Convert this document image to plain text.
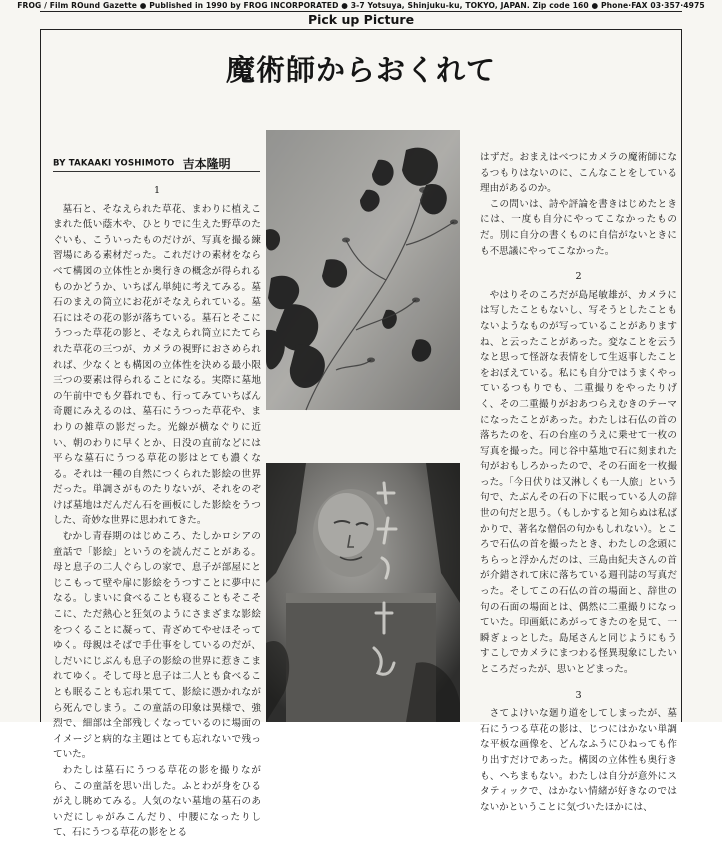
FROG / Film ROund Gazette ● Published in 1990 by FROG INCORPORATED ● 3-7 Yotsuya, Shinjuku-ku, TOKYO, JAPAN. Zip code 160 ● Phone·FAX 03·357·4975
Pick up Picture
魔術師からおくれて
BY TAKAAKI YOSHIMOTO 吉本隆明
1

墓石と、そなえられた草花、まわりに植えこまれた低い蔭木や、ひとりでに生えた野草のたぐいも、こういったものだけが、写真を撮る練習場にある素材だった。これだけの素材をならべて構図の立体性とか奥行きの概念が得られるものかどうか、いちばん単純に考えてみる。墓石のまえの筒立にお花がそなえられている。墓石にはその花の影が落ちている。墓石とそこにうつった草花の影と、そなえられ筒立にたてられた草花の三つが、カメラの視野におさめられれば、少なくとも構図の立体性を決める最小限三つの要素は得られることになる。実際に墓地の午前中でも夕暮れでも、行ってみていちばん奇麗にみえるのは、墓石にうつった草花や、まわりの雑草の影だった。光線が横なぐりに近い、朝のわりに早くとか、日没の直前などには平らな墓石にうつる草花の影はとても濃くなる。それは一種の自然につくられた影絵の世界だった。単調さがものたりないが、それをのぞけば墓地はだんだん石を画板にした影絵をうつした、奇妙な世界に思われてきた。

むかし青春期のはじめころ、たしかロシアの童話で「影絵」というのを読んだことがある。母と息子の二人ぐらしの家で、息子が部屋にとじこもって壁や扉に影絵をうつすことに夢中になる。しまいに食べることも寝ることもそこそこに、ただ熱心と狂気のようにさまざまな影絵をつくることに凝って、青ざめてやせほそってゆく。母親はそばで手仕事をしているのだが、しだいにじぶんも息子の影絵の世界に惹きこまれてゆく。そして母と息子は二人とも食べることも眠ることも忘れ果てて、影絵に憑かれながら死んでしまう。この童話の印象は異様で、強烈で、細部は全部残しくなっているのに場面のイメージと病的な主題はとても忘れないで残っていた。

わたしは墓石にうつる草花の影を撮りながら、この童話を思い出した。ふとわが身をひるがえし眺めてみる。人気のない墓地の墓石のあいだにしゃがみこんだり、中腰になったりして、石にうつる草花の影をとる

はずだ。おまえはべつにカメラの魔術師になるつもりはないのに、こんなことをしている理由があるのか。

この問いは、詩や評論を書きはじめたときには、一度も自分にやってこなかったものだ。別に自分の書くものに自信がないときにも不思議にやってこなかった。

2

やはりそのころだが島尾敏雄が、カメラには写したこともないし、写そうとしたこともないようなものが写っていることがありますね、と云ったことがあった。変なことを云うなと思って怪訝な表情をして生返事したことをおぼえている。私にも自分ではうまくやっているつもりでも、二重撮りをやったりげく、その二重撮りがおあつらえむきのテーマになったことがあった。わたしは石仏の首の落ちたのを、石の台座のうえに乗せて一枚の写真を撮った。同じ谷中墓地で石に刻まれた句がおもしろかったので、その石面を一枚撮った。「今日伏りは又淋しくも一人旅」という句で、たぶんその石の下に眠っている人の辞世の句だと思う。（もしかすると知らぬは私ばかりで、著名な僧侶の句かもしれない）。ところで石仏の首を撮ったとき、わたしの念頭にちらっと浮かんだのは、三島由紀夫さんの首が介錯されて床に落ちている週刊誌の写真だった。そしてこの石仏の首の場面と、辞世の句の石面の場面とは、偶然に二重撮りになっていた。印画紙にあがってきたのを見て、一瞬ぎょっとした。島尾さんと同じようにもうすこしでカメラにまつわる怪異現象にしたいところだったが、思いとどまった。

3

さてよけいな廻り道をしてしまったが、墓石にうつる草花の影は、じつにはかない単調な平板な画像を、どんなふうにひねっても作り出すだけであった。構図の立体性も奥行きも、へちまもない。わたしは自分が意外にスタティックで、はかない情緒が好きなのではないかということに気づいたほかには、
